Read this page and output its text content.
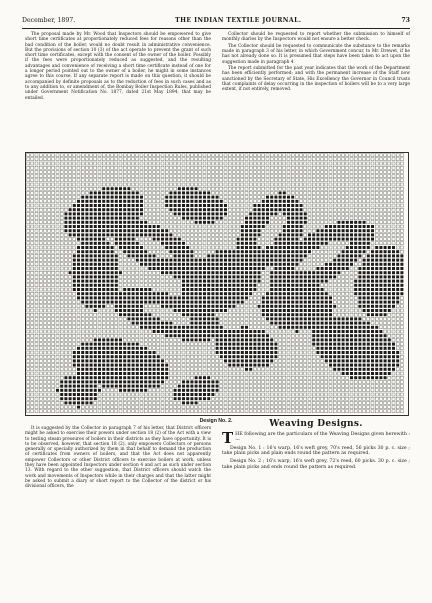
December, 1897.	THE INDIAN TEXTILE JOURNAL.	73

The proposal made by Mr. Wood that Inspectors should be empowered to give short time certificates at proportionately reduced fees for reasons other than the bad condition of the boiler, would no doubt result in administrative convenience. But the provisions of section 10 (3) of the act operate to prevent the grant of such short time certificates, except with the consent of the owner of the boiler. Possibly if the fees were proportionately reduced as suggested, and the resulting advantages and convenience of receiving a short time certificate instead of one for a longer period pointed out to the owner of a boiler, he might in some instances agree to this course. If any separate report is made on this question, it should be accompanied by definite proposals as to the reduction of fees in such cases and as to any addition to, or amendment of, the Bombay Boiler Inspection Rules, published under Government Notification No. 1877, dated 21st May 1894, that may be entailed.

Collector should be requested to report whether the submission to himself of monthly diaries by the Inspectors would not ensure a better check.

The Collector should be requested to communicate the substance to the remarks made in paragraph 3 of his letter, in which Government concur, to Mr. Drewet, if he has not already done so. It is presumed that steps have been taken to act upon the suggestion made in paragraph 4.

The report submitted for the past year indicates that the work of the Department has been efficiently performed; and with the permanent increase of the Staff now sanctioned by the Secretary of State, His Excellency the Governor in Council trusts that complaints of delay occurring in the inspection of boilers will be to a very large extent, if not entirely, removed.

Design No. 2.

It is suggested by the Collector in paragraph 7 of his letter, that District officers might be asked to exercise their powers under section 18 (2) of the Act with a view to testing steam pressures of boilers in their districts as they have opportunity. It is to be observed, however, that section 18 (2), only empowers Collectors or persons generally or specially authorized by them in that behalf to demand the production of certificates from owners of boilers, and that the Act does not apparently empower Collectors or other District officers to exercise boilers at work, unless they have been appointed Inspectors under section 4 and act as such under section 13. With regard to the other suggestion, that District officers should watch the work and movements of Inspectors while in their charges and that the latter might be asked to submit a diary or short report to the Collector of the district or his divisional officers, the

Weaving Designs.

THE following are the particulars of the Weaving Designs given herewith :—

Design No. 1 : 16's warp, 16's weft grey, 70's reed, 56 picks 30 p. c. size ; take plain picks and plain ends round the pattern as required.

Design No. 2 ; 16's warp, 16's weft grey, 72's reed, 60 picks. 30 p. c. size ; take plain picks and ends round the pattern as required.
